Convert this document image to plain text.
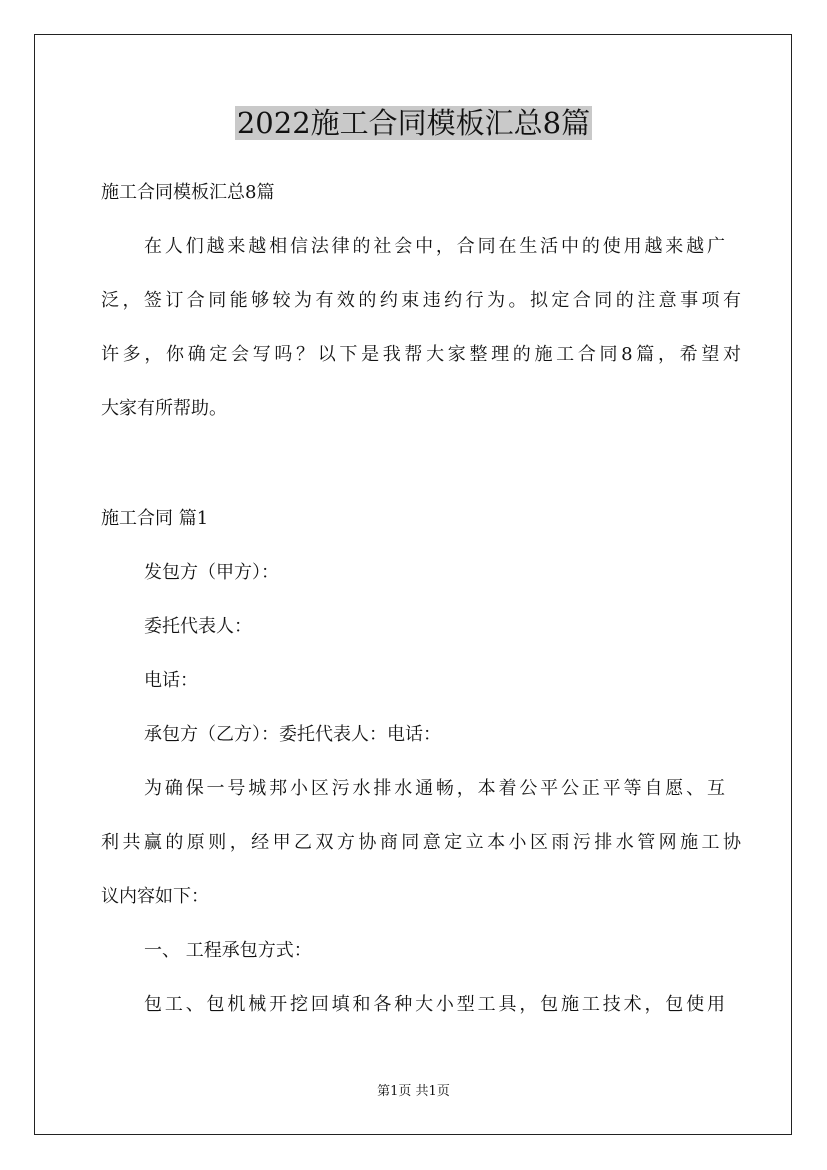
2022施工合同模板汇总8篇

施工合同模板汇总8篇

在人们越来越相信法律的社会中，合同在生活中的使用越来越广

泛，签订合同能够较为有效的约束违约行为。拟定合同的注意事项有

许多，你确定会写吗？以下是我帮大家整理的施工合同8篇，希望对

大家有所帮助。

施工合同 篇1

发包方（甲方）：

委托代表人：

电话：

承包方（乙方）：委托代表人：电话：

为确保一号城邦小区污水排水通畅，本着公平公正平等自愿、互

利共赢的原则，经甲乙双方协商同意定立本小区雨污排水管网施工协

议内容如下：

一、 工程承包方式：

包工、包机械开挖回填和各种大小型工具，包施工技术，包使用

第1页 共1页
